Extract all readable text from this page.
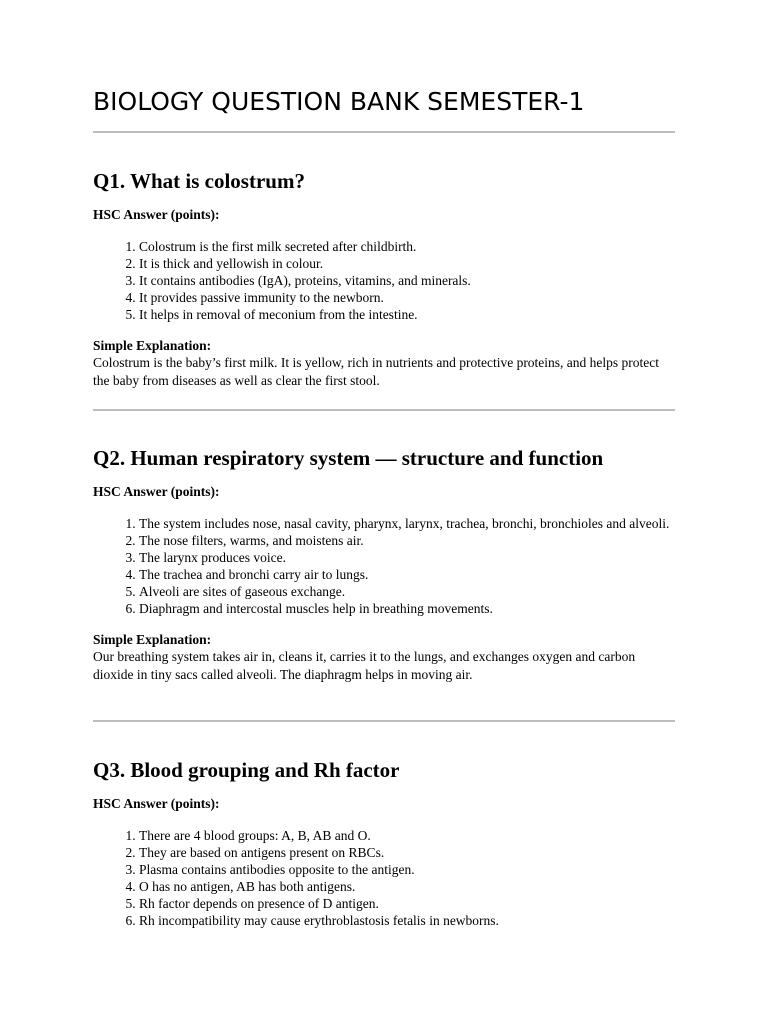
BIOLOGY QUESTION BANK SEMESTER-1
Q1. What is colostrum?

HSC Answer (points):

1. Colostrum is the first milk secreted after childbirth.
2. It is thick and yellowish in colour.
3. It contains antibodies (IgA), proteins, vitamins, and minerals.
4. It provides passive immunity to the newborn.
5. It helps in removal of meconium from the intestine.

Simple Explanation:

Colostrum is the baby’s first milk. It is yellow, rich in nutrients and protective proteins, and helps protect the baby from diseases as well as clear the first stool.

Q2. Human respiratory system — structure and function

HSC Answer (points):

1. The system includes nose, nasal cavity, pharynx, larynx, trachea, bronchi, bronchioles and alveoli.
2. The nose filters, warms, and moistens air.
3. The larynx produces voice.
4. The trachea and bronchi carry air to lungs.
5. Alveoli are sites of gaseous exchange.
6. Diaphragm and intercostal muscles help in breathing movements.

Simple Explanation:

Our breathing system takes air in, cleans it, carries it to the lungs, and exchanges oxygen and carbon dioxide in tiny sacs called alveoli. The diaphragm helps in moving air.

Q3. Blood grouping and Rh factor

HSC Answer (points):

1. There are 4 blood groups: A, B, AB and O.
2. They are based on antigens present on RBCs.
3. Plasma contains antibodies opposite to the antigen.
4. O has no antigen, AB has both antigens.
5. Rh factor depends on presence of D antigen.
6. Rh incompatibility may cause erythroblastosis fetalis in newborns.
